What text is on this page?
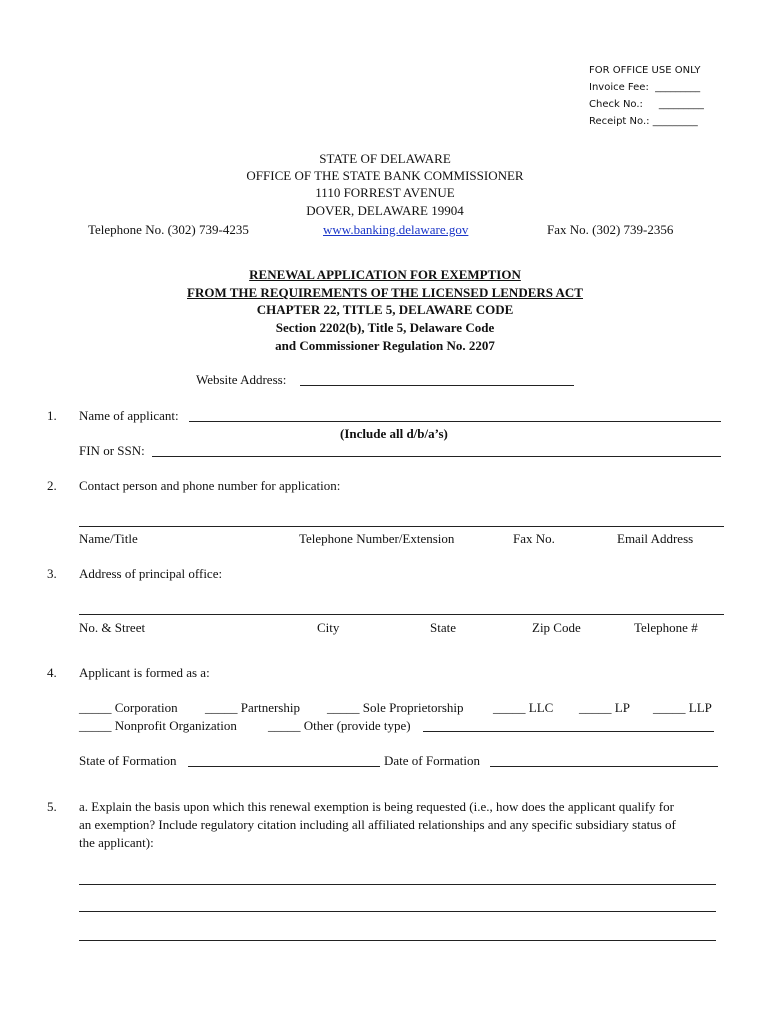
FOR OFFICE USE ONLY
Invoice Fee: _________
Check No.: _________
Receipt No.: _________
STATE OF DELAWARE
OFFICE OF THE STATE BANK COMMISSIONER
1110 FORREST AVENUE
DOVER, DELAWARE 19904
Telephone No. (302) 739-4235	www.banking.delaware.gov	Fax No. (302) 739-2356
RENEWAL APPLICATION FOR EXEMPTION
FROM THE REQUIREMENTS OF THE LICENSED LENDERS ACT
CHAPTER 22, TITLE 5, DELAWARE CODE
Section 2202(b), Title 5, Delaware Code
and Commissioner Regulation No. 2207
Website Address:
1. Name of applicant:
(Include all d/b/a’s)
FIN or SSN:
2. Contact person and phone number for application:
Name/Title	Telephone Number/Extension	Fax No.	Email Address
3. Address of principal office:
No. & Street	City	State	Zip Code	Telephone #
4. Applicant is formed as a:
_____ Corporation _____ Partnership _____ Sole Proprietorship _____ LLC _____ LP _____ LLP
_____ Nonprofit Organization _____ Other (provide type)
State of Formation	Date of Formation
5. a. Explain the basis upon which this renewal exemption is being requested (i.e., how does the applicant qualify for
an exemption? Include regulatory citation including all affiliated relationships and any specific subsidiary status of
the applicant):
